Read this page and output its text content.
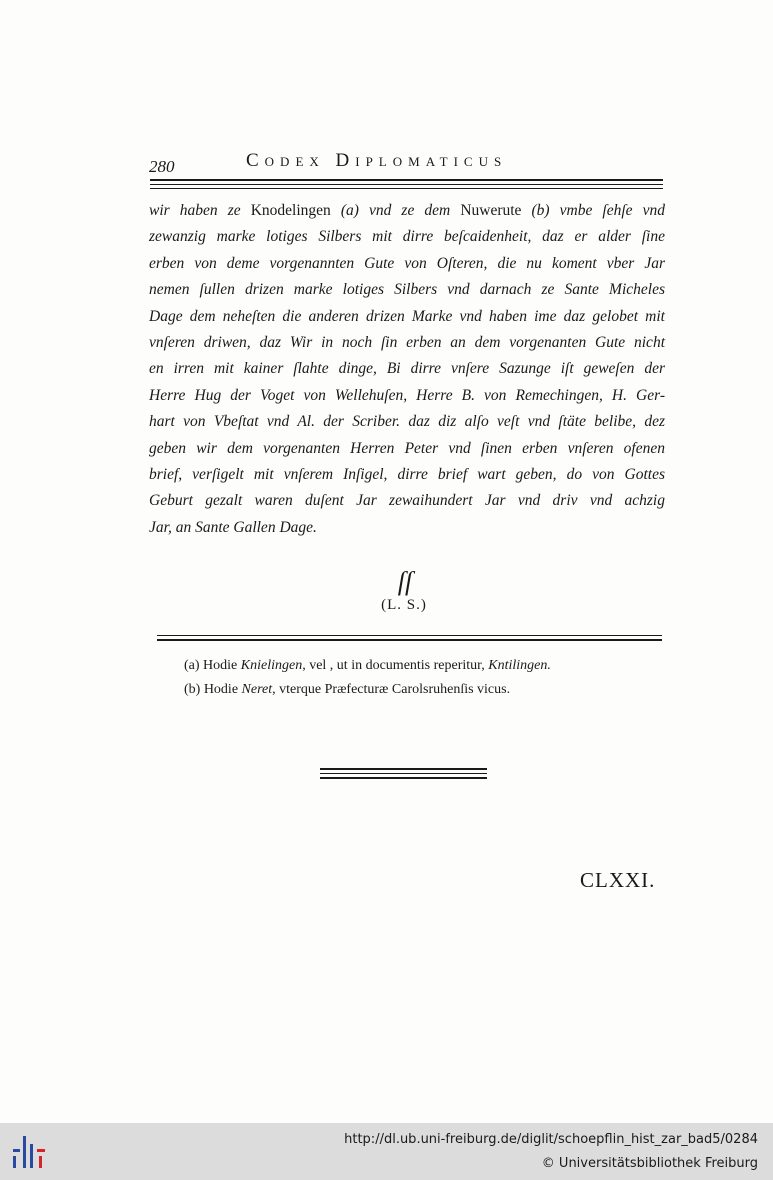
280	Codex Diplomaticus
wir haben ze Knodelingen (a) vnd ze dem Nuwerute (b) vmbe ſehſe vnd
zewanzig marke lotiges Silbers mit dirre beſcaidenheit, daz er alder ſine
erben von deme vorgenannten Gute von Oſteren, die nu koment vber Jar
nemen ſullen drizen marke lotiges Silbers vnd darnach ze Sante Micheles
Dage dem neheſten die anderen drizen Marke vnd haben ime daz gelobet mit
vnſeren driwen, daz Wir in noch ſin erben an dem vorgenanten Gute nicht
en irren mit kainer ſlahte dinge, Bi dirre vnſere Sazunge iſt geweſen der
Herre Hug der Voget von Wellehuſen, Herre B. von Remechingen, H. Ger-
hart von Vbeſtat vnd Al. der Scriber. daz diz alſo veſt vnd ſtäte belibe, dez
geben wir dem vorgenanten Herren Peter vnd ſinen erben vnſeren ofenen
brief, verſigelt mit vnſerem Inſigel, dirre brief wart geben, do von Gottes
Geburt gezalt waren duſent Jar zewaihundert Jar vnd driv vnd achzig
Jar, an Sante Gallen Dage.
ſſ
(L. S.)
(a) Hodie Knielingen, vel , ut in documentis reperitur, Kntilingen.
(b) Hodie Neret, vterque Præfecturæ Carolsruhenſis vicus.
CLXXI.
http://dl.ub.uni-freiburg.de/diglit/schoepflin_hist_zar_bad5/0284
© Universitätsbibliothek Freiburg
